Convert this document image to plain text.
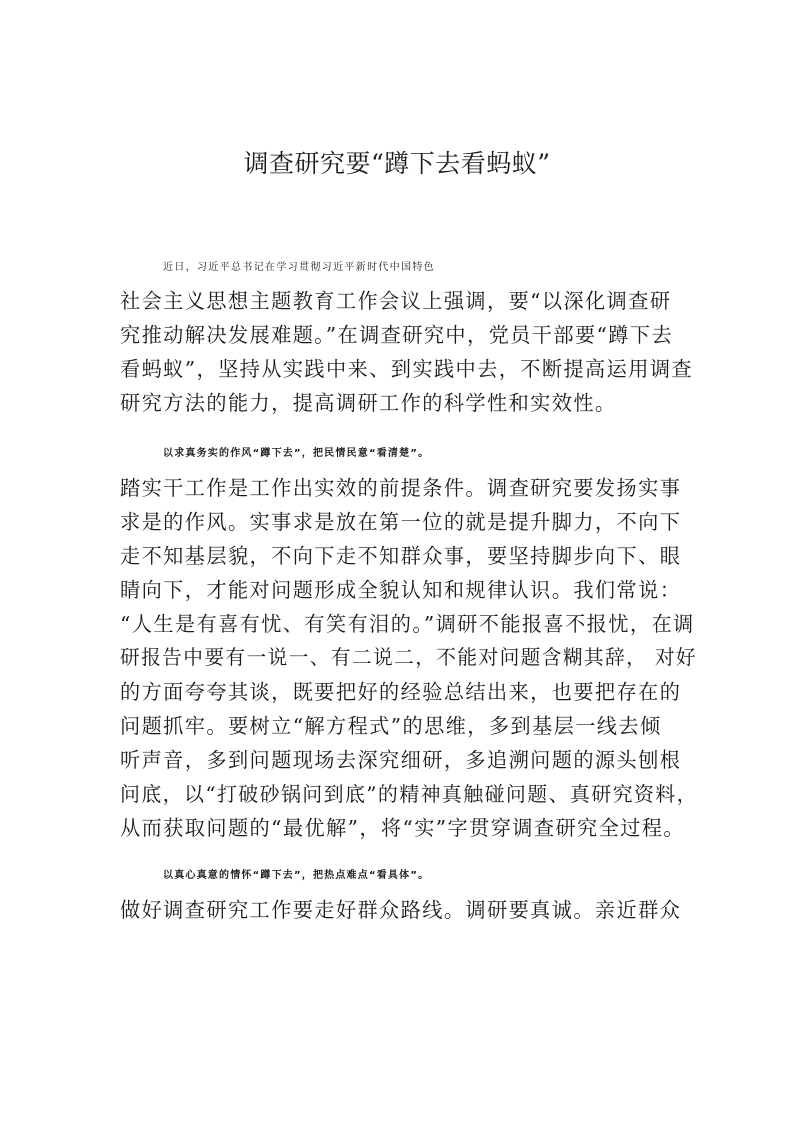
调查研究要“蹲下去看蚂蚁”
近日，习近平总书记在学习贯彻习近平新时代中国特色
社会主义思想主题教育工作会议上强调，要“以深化调查研
究推动解决发展难题。”在调查研究中，党员干部要“蹲下去
看蚂蚁”，坚持从实践中来、到实践中去，不断提高运用调查
研究方法的能力，提高调研工作的科学性和实效性。
以求真务实的作风“蹲下去”，把民情民意“看清楚”。
踏实干工作是工作出实效的前提条件。调查研究要发扬实事
求是的作风。实事求是放在第一位的就是提升脚力，不向下
走不知基层貌，不向下走不知群众事，要坚持脚步向下、眼
睛向下，才能对问题形成全貌认知和规律认识。我们常说：
“人生是有喜有忧、有笑有泪的。”调研不能报喜不报忧，在调
研报告中要有一说一、有二说二，不能对问题含糊其辞， 对好
的方面夸夸其谈，既要把好的经验总结出来，也要把存在的
问题抓牢。要树立“解方程式”的思维，多到基层一线去倾
听声音，多到问题现场去深究细研，多追溯问题的源头刨根
问底，以“打破砂锅问到底”的精神真触碰问题、真研究资料，
从而获取问题的“最优解”，将“实”字贯穿调查研究全过程。
以真心真意的情怀“蹲下去”，把热点难点“看具体”。
做好调查研究工作要走好群众路线。调研要真诚。亲近群众
